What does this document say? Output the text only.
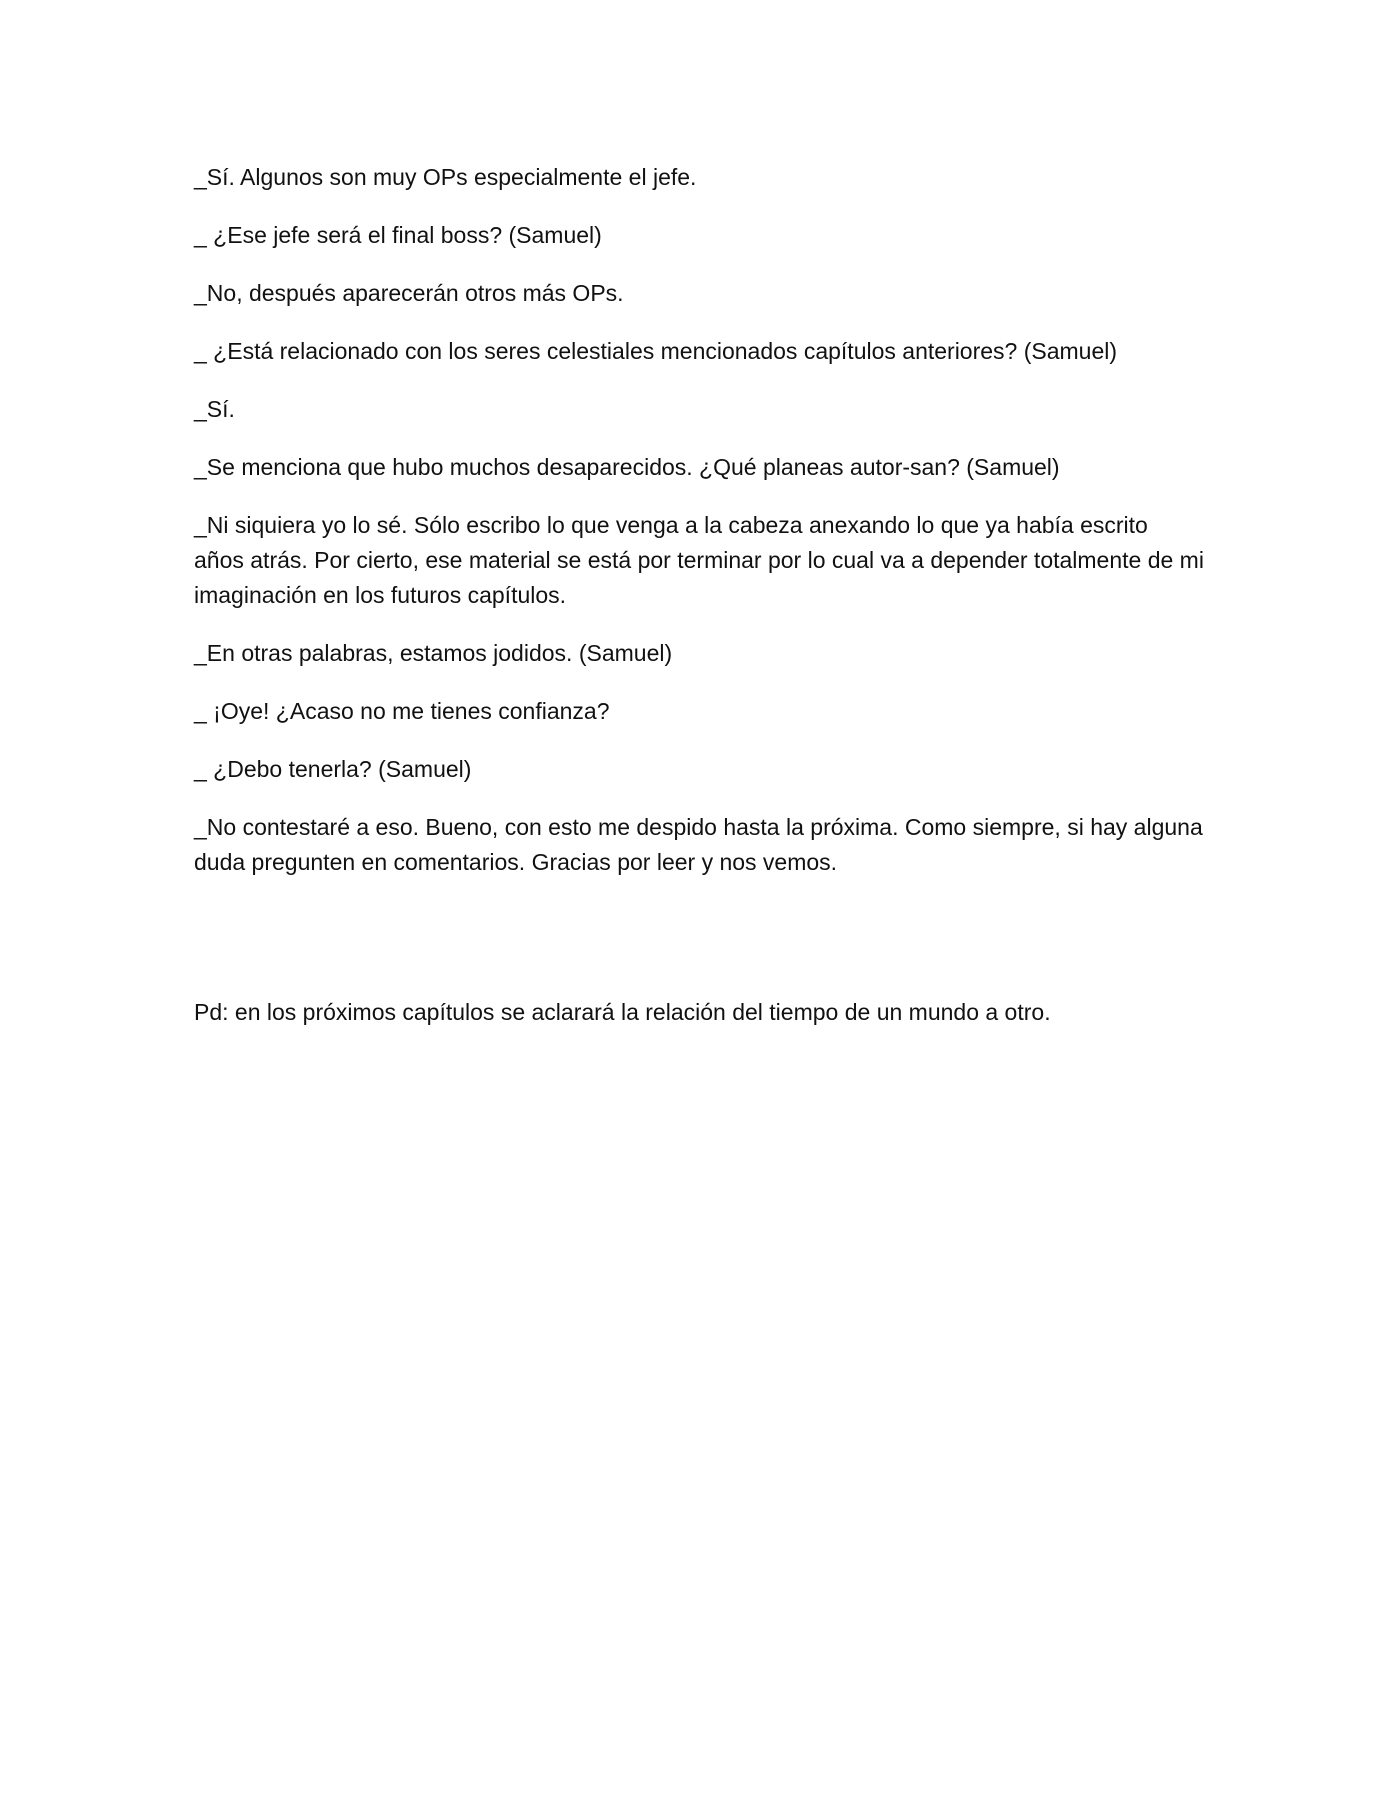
_Sí. Algunos son muy OPs especialmente el jefe.

_ ¿Ese jefe será el final boss? (Samuel)

_No, después aparecerán otros más OPs.

_ ¿Está relacionado con los seres celestiales mencionados capítulos anteriores? (Samuel)

_Sí.

_Se menciona que hubo muchos desaparecidos. ¿Qué planeas autor-san? (Samuel)

_Ni siquiera yo lo sé. Sólo escribo lo que venga a la cabeza anexando lo que ya había escrito años atrás. Por cierto, ese material se está por terminar por lo cual va a depender totalmente de mi imaginación en los futuros capítulos.

_En otras palabras, estamos jodidos. (Samuel)

_ ¡Oye! ¿Acaso no me tienes confianza?

_ ¿Debo tenerla? (Samuel)

_No contestaré a eso. Bueno, con esto me despido hasta la próxima. Como siempre, si hay alguna duda pregunten en comentarios. Gracias por leer y nos vemos.

Pd: en los próximos capítulos se aclarará la relación del tiempo de un mundo a otro.
